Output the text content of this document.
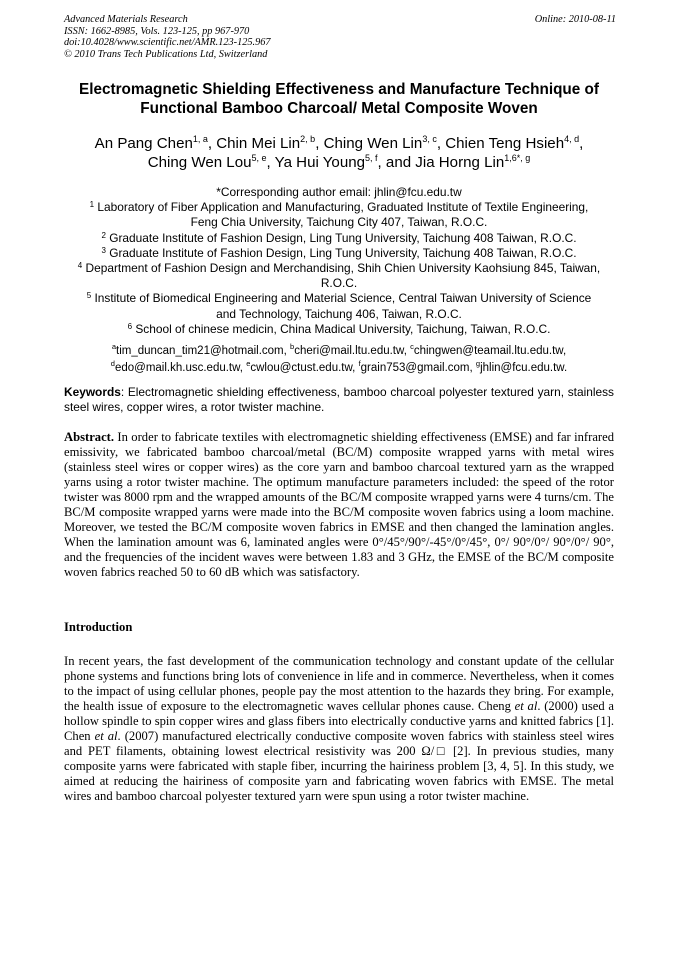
Advanced Materials Research
ISSN: 1662-8985, Vols. 123-125, pp 967-970
doi:10.4028/www.scientific.net/AMR.123-125.967
© 2010 Trans Tech Publications Ltd, Switzerland
Online: 2010-08-11
Electromagnetic Shielding Effectiveness and Manufacture Technique of
Functional Bamboo Charcoal/ Metal Composite Woven
An Pang Chen$^{1, a}$, Chin Mei Lin$^{2, b}$, Ching Wen Lin$^{3, c}$, Chien Teng Hsieh$^{4, d}$,
Ching Wen Lou$^{5, e}$, Ya Hui Young$^{5, f}$, and Jia Horng Lin$^{1,6*, g}$
*Corresponding author email: jhlin@fcu.edu.tw
$^1$ Laboratory of Fiber Application and Manufacturing, Graduated Institute of Textile Engineering,
Feng Chia University, Taichung City 407, Taiwan, R.O.C.
$^2$ Graduate Institute of Fashion Design, Ling Tung University, Taichung 408 Taiwan, R.O.C.
$^3$ Graduate Institute of Fashion Design, Ling Tung University, Taichung 408 Taiwan, R.O.C.
$^4$ Department of Fashion Design and Merchandising, Shih Chien University Kaohsiung 845, Taiwan,
R.O.C.
$^5$ Institute of Biomedical Engineering and Material Science, Central Taiwan University of Science
and Technology, Taichung 406, Taiwan, R.O.C.
$^6$ School of chinese medicin, China Madical University, Taichung, Taiwan, R.O.C.
$^a$tim_duncan_tim21@hotmail.com, $^b$cheri@mail.ltu.edu.tw, $^c$chingwen@teamail.ltu.edu.tw,
$^d$edo@mail.kh.usc.edu.tw, $^e$cwlou@ctust.edu.tw, $^f$grain753@gmail.com, $^g$jhlin@fcu.edu.tw.
Keywords: Electromagnetic shielding effectiveness, bamboo charcoal polyester textured yarn, stainless steel wires, copper wires, a rotor twister machine.
Abstract. In order to fabricate textiles with electromagnetic shielding effectiveness (EMSE) and far infrared emissivity, we fabricated bamboo charcoal/metal (BC/M) composite wrapped yarns with metal wires (stainless steel wires or copper wires) as the core yarn and bamboo charcoal textured yarn as the wrapped yarns using a rotor twister machine. The optimum manufacture parameters included: the speed of the rotor twister was 8000 rpm and the wrapped amounts of the BC/M composite wrapped yarns were 4 turns/cm. The BC/M composite wrapped yarns were made into the BC/M composite woven fabrics using a loom machine. Moreover, we tested the BC/M composite woven fabrics in EMSE and then changed the lamination angles. When the lamination amount was 6, laminated angles were 0°/45°/90°/-45°/0°/45°, 0°/ 90°/0°/ 90°/0°/ 90°, and the frequencies of the incident waves were between 1.83 and 3 GHz, the EMSE of the BC/M composite woven fabrics reached 50 to 60 dB which was satisfactory.
Introduction
In recent years, the fast development of the communication technology and constant update of the cellular phone systems and functions bring lots of convenience in life and in commerce. Nevertheless, when it comes to the impact of using cellular phones, people pay the most attention to the hazards they bring. For example, the health issue of exposure to the electromagnetic waves cellular phones cause. Cheng et al. (2000) used a hollow spindle to spin copper wires and glass fibers into electrically conductive yarns and knitted fabrics [1]. Chen et al. (2007) manufactured electrically conductive composite woven fabrics with stainless steel wires and PET filaments, obtaining lowest electrical resistivity was 200 Ω/□ [2]. In previous studies, many composite yarns were fabricated with staple fiber, incurring the hairiness problem [3, 4, 5]. In this study, we aimed at reducing the hairiness of composite yarn and fabricating woven fabrics with EMSE. The metal wires and bamboo charcoal polyester textured yarn were spun using a rotor twister machine.
